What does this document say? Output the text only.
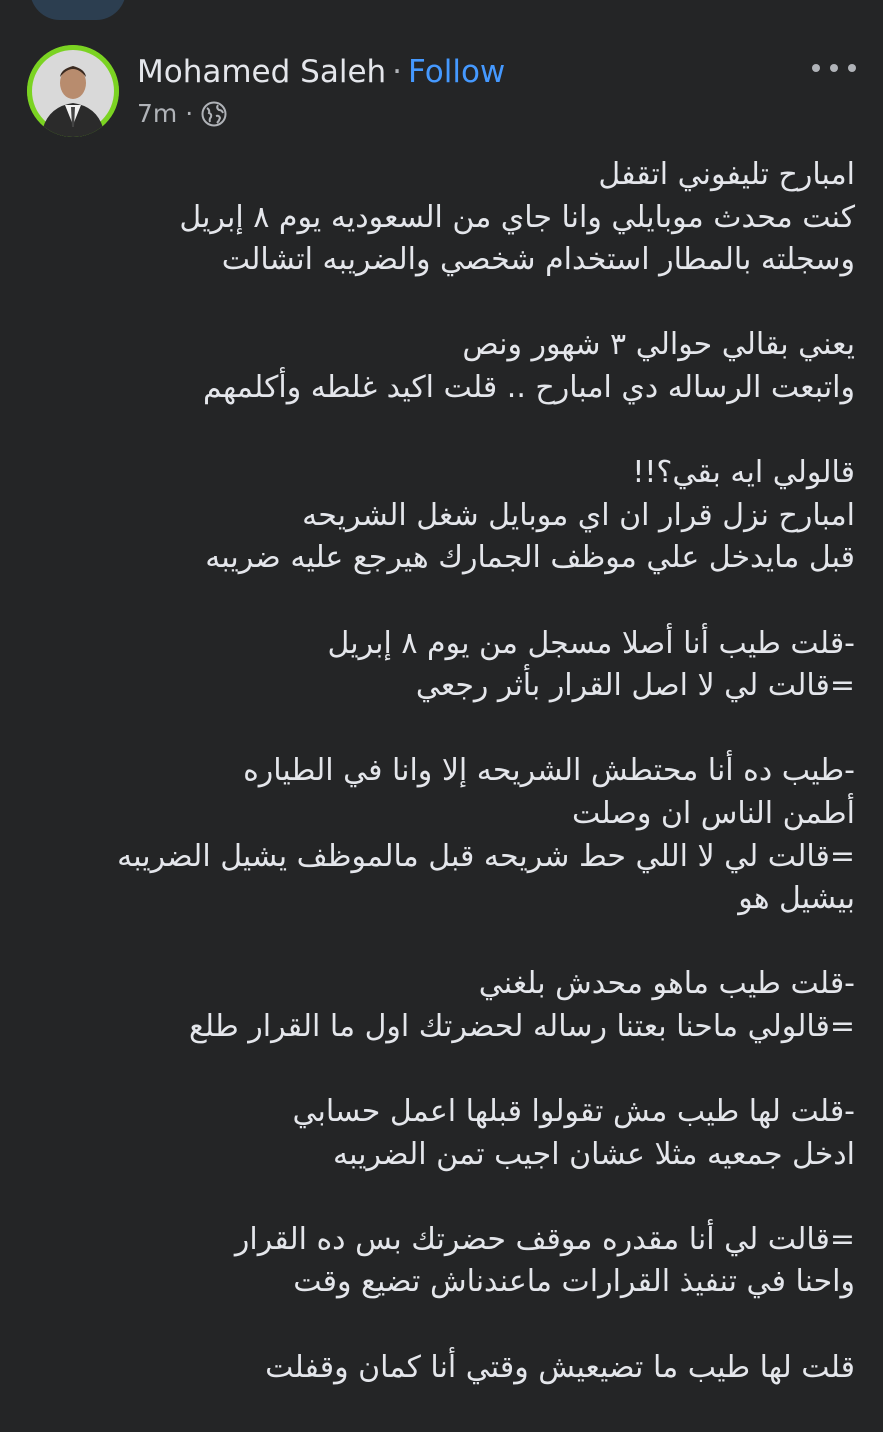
Mohamed Saleh · Follow
7m ·
امبارح تليفوني اتقفل
كنت محدث موبايلي وانا جاي من السعوديه يوم ٨ إبريل
وسجلته بالمطار استخدام شخصي والضريبه اتشالت
يعني بقالي حوالي ٣ شهور ونص
واتبعت الرساله دي امبارح .. قلت اكيد غلطه وأكلمهم
قالولي ايه بقي؟!!
امبارح نزل قرار ان اي موبايل شغل الشريحه
قبل مايدخل علي موظف الجمارك هيرجع عليه ضريبه
-قلت طيب أنا أصلا مسجل من يوم ٨ إبريل
=قالت لي لا اصل القرار بأثر رجعي
-طيب ده أنا محتطش الشريحه إلا وانا في الطياره
أطمن الناس ان وصلت
=قالت لي لا اللي حط شريحه قبل مالموظف يشيل الضريبه
بيشيل هو
-قلت طيب ماهو محدش بلغني
=قالولي ماحنا بعتنا رساله لحضرتك اول ما القرار طلع
-قلت لها طيب مش تقولوا قبلها اعمل حسابي
ادخل جمعيه مثلا عشان اجيب تمن الضريبه
=قالت لي أنا مقدره موقف حضرتك بس ده القرار
واحنا في تنفيذ القرارات ماعندناش تضيع وقت
قلت لها طيب ما تضيعيش وقتي أنا كمان وقفلت
